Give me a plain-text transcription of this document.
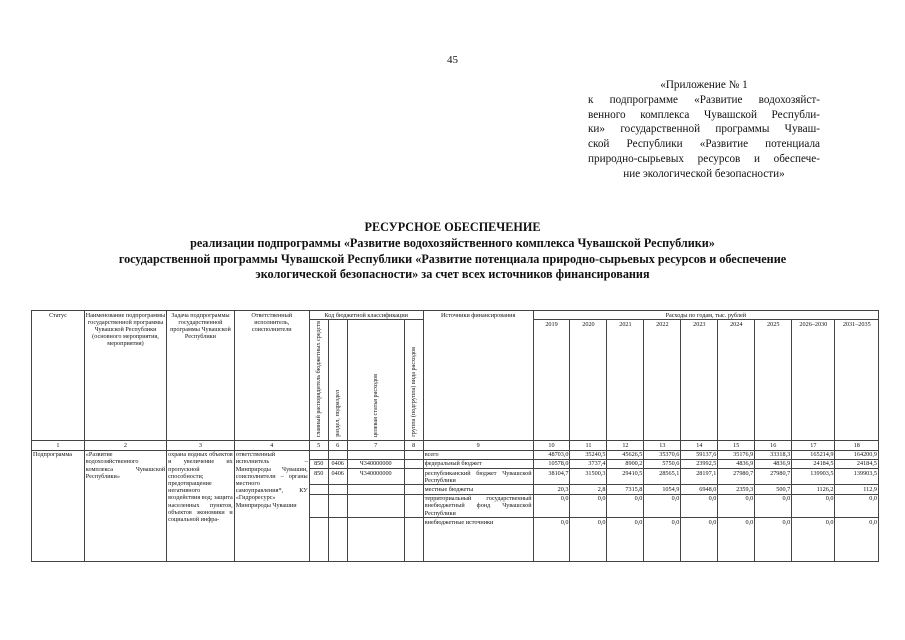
45
«Приложение № 1
к подпрограмме «Развитие водохозяйст-
венного комплекса Чувашской Республи-
ки» государственной программы Чуваш-
ской Республики «Развитие потенциала
природно-сырьевых ресурсов и обеспече-
ние экологической безопасности»
РЕСУРСНОЕ ОБЕСПЕЧЕНИЕ
реализации подпрограммы «Развитие водохозяйственного комплекса Чувашской Республики»
государственной программы Чувашской Республики «Развитие потенциала природно-сырьевых ресурсов и обеспечение
экологической безопасности» за счет всех источников финансирования
Статус	Наименование подпрограммы государственной программы Чувашской Республики (основного мероприятия, мероприятия)	Задача подпрограммы государственной программы Чувашской Республики	Ответственный исполнитель, соисполнители	Код бюджетной классификации				Источники финансирования	Расходы по годам, тыс. рублей								
				главный распорядитель бюджетных средств	раздел, подраздел	целевая статья расходов	группа (подгруппа) вида расходов		2019	2020	2021	2022	2023	2024	2025	2026–2030	2031–2035
1	2	3	4	5	6	7	8	9	10	11	12	13	14	15	16	17	18
Подпрограмма	«Развитие водохозяйственного комплекса Чувашской Республики»	охрана водных объектов и увеличение их пропускной способности; предотвращение негативного воздействия вод; защита населенных пунктов, объектов экономики и социальной инфра-	ответственный исполнитель – Минприроды Чувашии, соисполнители – органы местного самоуправления*, КУ «Гидроресурс» Минприроды Чувашии					всего	48703,0	35240,5	45626,5	35370,6	59137,6	35176,9	33318,3	165214,9	164200,9
				850	0406	Ч340000000		федеральный бюджет	10578,0	3737,4	8900,2	5750,6	23992,5	4836,9	4836,9	24184,5	24184,5
				850	0406	Ч340000000		республиканский бюджет Чувашской Республики	38104,7	31500,3	29410,5	28565,1	28197,1	27980,7	27980,7	139903,5	139903,5
								местные бюджеты	20,3	2,8	7315,8	1054,9	6948,0	2359,3	500,7	1126,2	112,9
								территориальный государственный внебюджетный фонд Чувашской Республики	0,0	0,0	0,0	0,0	0,0	0,0	0,0	0,0	0,0
								внебюджетные источники	0,0	0,0	0,0	0,0	0,0	0,0	0,0	0,0	0,0
